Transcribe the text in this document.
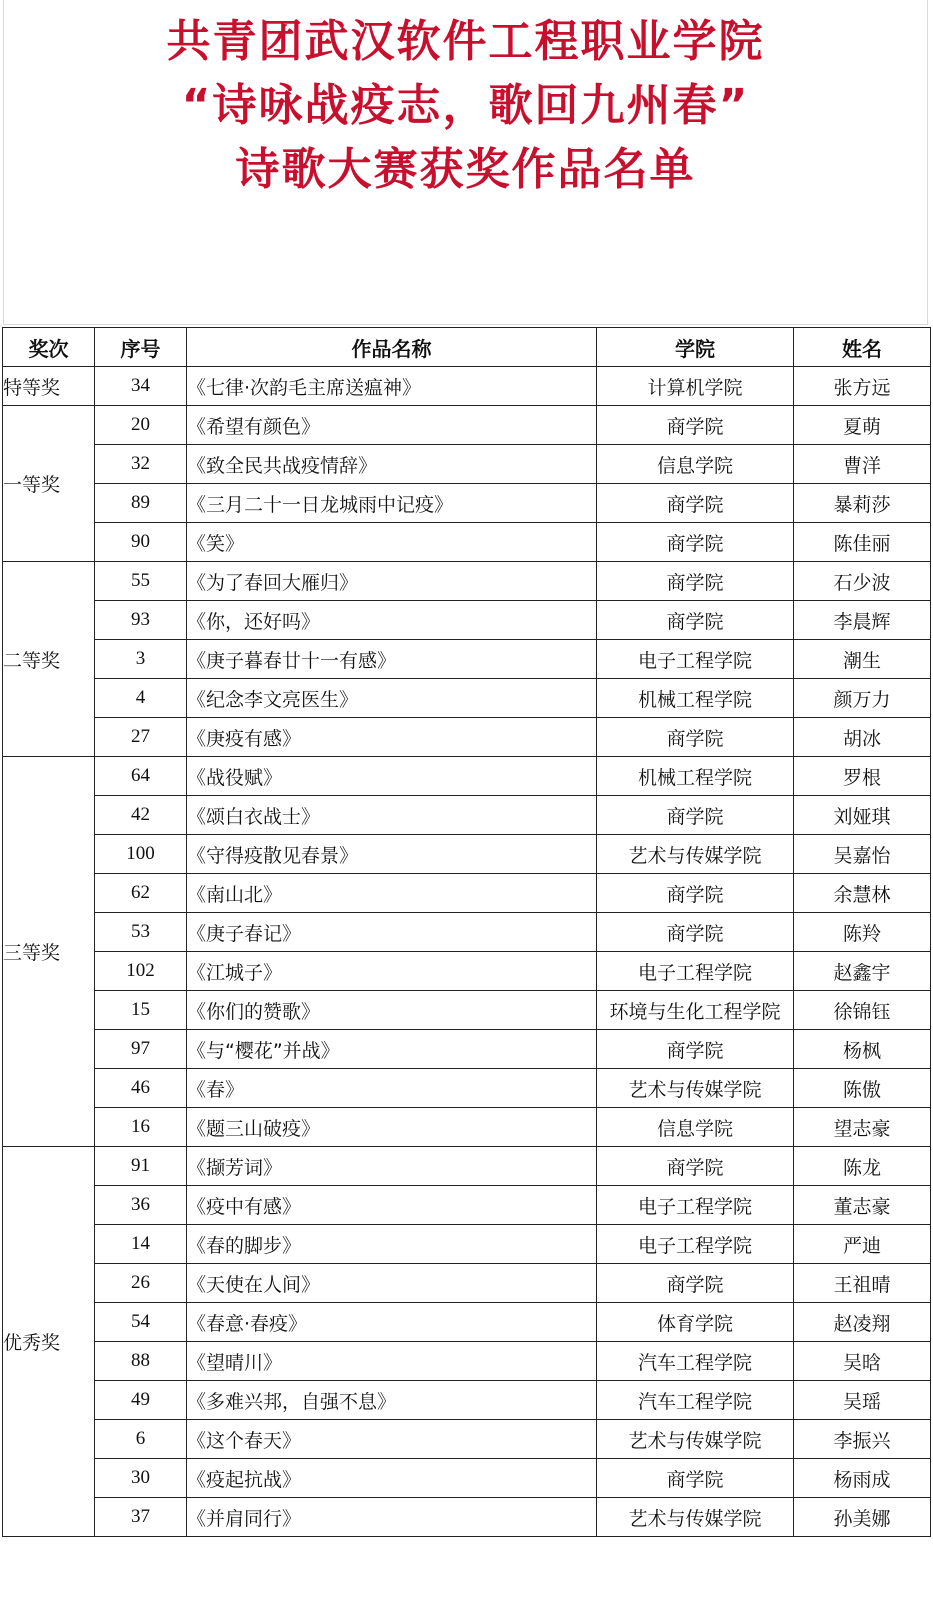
共青团武汉软件工程职业学院
“诗咏战疫志，歌回九州春”
诗歌大赛获奖作品名单
奖次	序号	作品名称	学院	姓名
特等奖	34	《七律·次韵毛主席送瘟神》	计算机学院	张方远
一等奖	20	《希望有颜色》	商学院	夏萌
	32	《致全民共战疫情辞》	信息学院	曹洋
	89	《三月二十一日龙城雨中记疫》	商学院	暴莉莎
	90	《笑》	商学院	陈佳丽
二等奖	55	《为了春回大雁归》	商学院	石少波
	93	《你，还好吗》	商学院	李晨辉
	3	《庚子暮春廿十一有感》	电子工程学院	潮生
	4	《纪念李文亮医生》	机械工程学院	颜万力
	27	《庚疫有感》	商学院	胡冰
三等奖	64	《战役赋》	机械工程学院	罗根
	42	《颂白衣战士》	商学院	刘娅琪
	100	《守得疫散见春景》	艺术与传媒学院	吴嘉怡
	62	《南山北》	商学院	余慧林
	53	《庚子春记》	商学院	陈羚
	102	《江城子》	电子工程学院	赵鑫宇
	15	《你们的赞歌》	环境与生化工程学院	徐锦钰
	97	《与“樱花”并战》	商学院	杨枫
	46	《春》	艺术与传媒学院	陈傲
	16	《题三山破疫》	信息学院	望志豪
优秀奖	91	《撷芳词》	商学院	陈龙
	36	《疫中有感》	电子工程学院	董志豪
	14	《春的脚步》	电子工程学院	严迪
	26	《天使在人间》	商学院	王祖晴
	54	《春意·春疫》	体育学院	赵凌翔
	88	《望晴川》	汽车工程学院	吴晗
	49	《多难兴邦，自强不息》	汽车工程学院	吴瑶
	6	《这个春天》	艺术与传媒学院	李振兴
	30	《疫起抗战》	商学院	杨雨成
	37	《并肩同行》	艺术与传媒学院	孙美娜
